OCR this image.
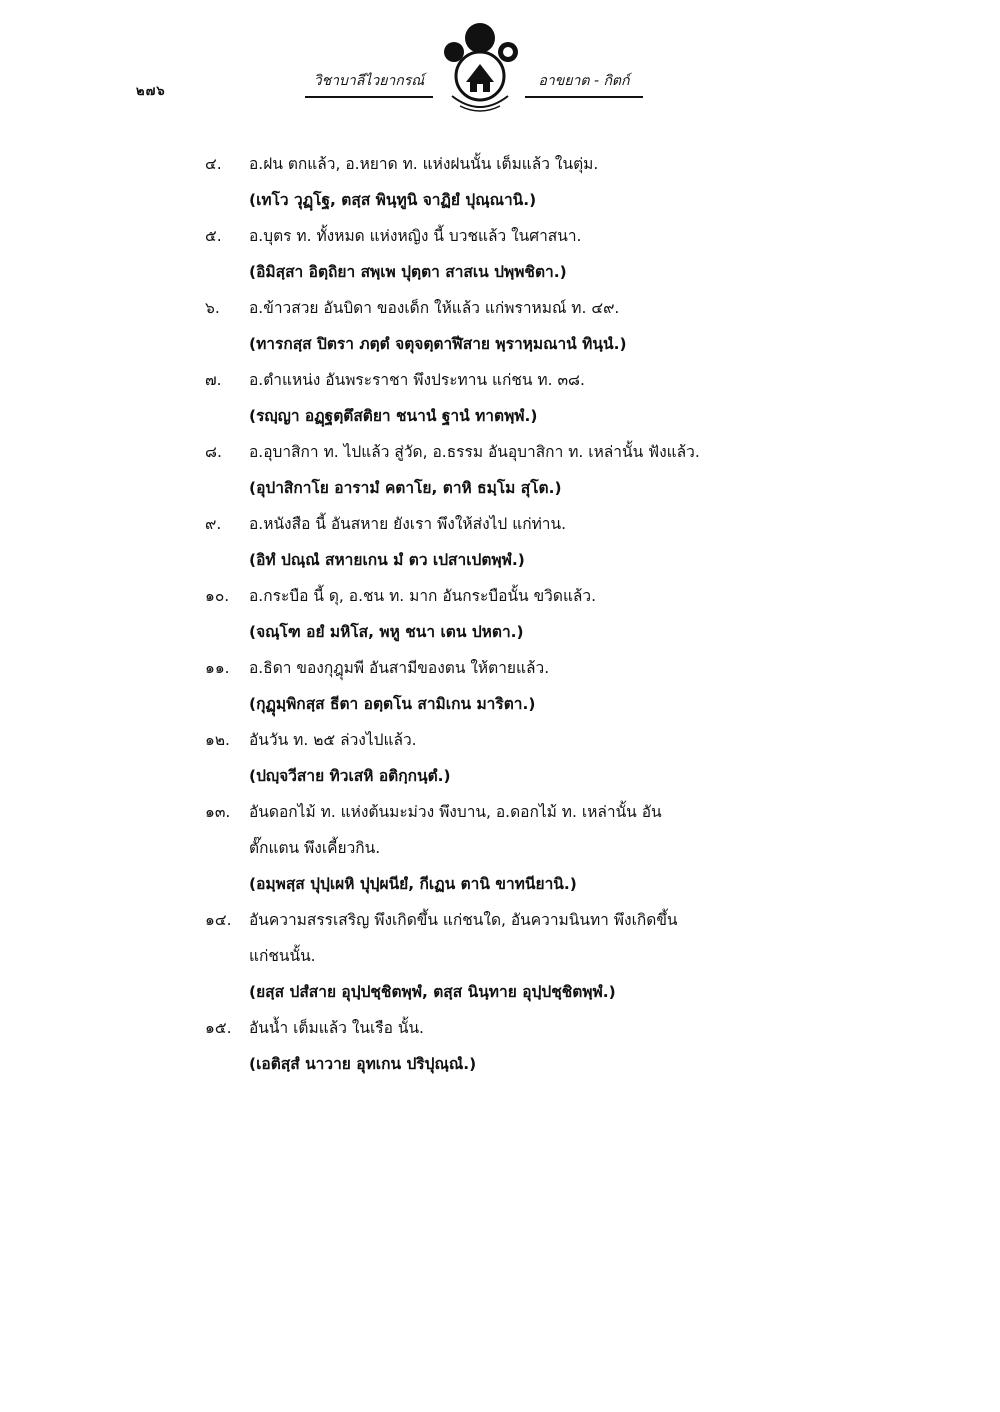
๒๗๖
วิชาบาลีไวยากรณ์	อาขยาต - กิตก์
๔.	อ.ฝน ตกแล้ว, อ.หยาด ท. แห่งฝนนั้น เต็มแล้ว ในตุ่ม.
(เทโว วุฏฺโฐ, ตสฺส พินฺทูนิ จาฏิยํ ปุณฺณานิ.)
๕.	อ.บุตร ท. ทั้งหมด แห่งหญิง นี้ บวชแล้ว ในศาสนา.
(อิมิสฺสา อิตฺถิยา สพฺเพ ปุตฺตา สาสเน ปพฺพชิตา.)
๖.	อ.ข้าวสวย อันบิดา ของเด็ก ให้แล้ว แก่พราหมณ์ ท. ๔๙.
(ทารกสฺส ปิตรา ภตฺตํ จตุจตฺตาฬีสาย พฺราหฺมณานํ ทินฺนํ.)
๗.	อ.ตำแหน่ง อันพระราชา พึงประทาน แก่ชน ท. ๓๘.
(รญฺญา อฏฺฐตฺตึสติยา ชนานํ ฐานํ ทาตพฺพํ.)
๘.	อ.อุบาสิกา ท. ไปแล้ว สู่วัด, อ.ธรรม อันอุบาสิกา ท. เหล่านั้น ฟังแล้ว.
(อุปาสิกาโย อารามํ คตาโย, ตาหิ ธมฺโม สุโต.)
๙.	อ.หนังสือ นี้ อันสหาย ยังเรา พึงให้ส่งไป แก่ท่าน.
(อิทํ ปณฺณํ สหายเกน มํ ตว เปสาเปตพฺพํ.)
๑๐.	อ.กระบือ นี้ ดุ, อ.ชน ท. มาก อันกระบือนั้น ขวิดแล้ว.
(จณฺโฑ อยํ มหิโส, พหู ชนา เตน ปหตา.)
๑๑.	อ.ธิดา ของกุฎุมพี อันสามีของตน ให้ตายแล้ว.
(กุฏุมฺพิกสฺส ธีตา อตฺตโน สามิเกน มาริตา.)
๑๒.	อันวัน ท. ๒๕ ล่วงไปแล้ว.
(ปญฺจวีสาย ทิวเสหิ อติกฺกนฺตํ.)
๑๓.	อันดอกไม้ ท. แห่งต้นมะม่วง พึงบาน, อ.ดอกไม้ ท. เหล่านั้น อัน
ตั๊กแตน พึงเคี้ยวกิน.
(อมฺพสฺส ปุปฺเผหิ ปุปฺผนียํ, กีเฏน ตานิ ขาทนียานิ.)
๑๔.	อันความสรรเสริญ พึงเกิดขึ้น แก่ชนใด, อันความนินทา พึงเกิดขึ้น
แก่ชนนั้น.
(ยสฺส ปสํสาย อุปฺปชฺชิตพฺพํ, ตสฺส นินฺทาย อุปฺปชฺชิตพฺพํ.)
๑๕.	อันน้ำ เต็มแล้ว ในเรือ นั้น.
(เอติสฺสํ นาวาย อุทเกน ปริปุณฺณํ.)
